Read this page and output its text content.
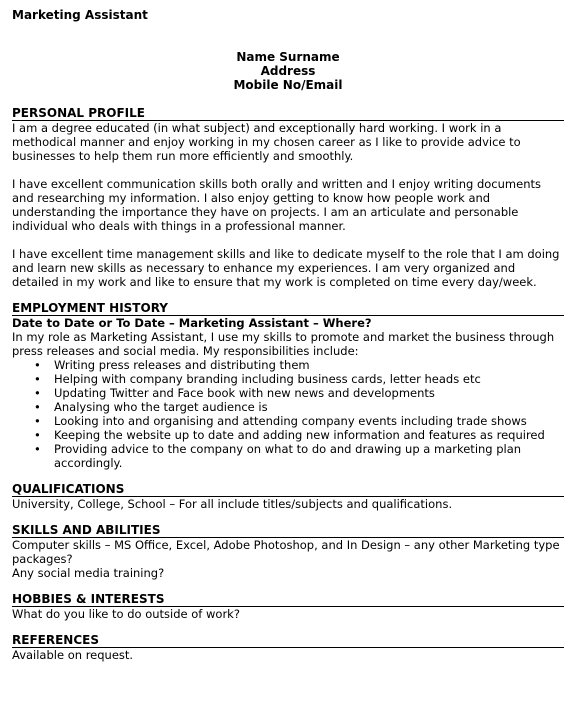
Marketing Assistant
Name Surname
Address
Mobile No/Email
PERSONAL PROFILE

I am a degree educated (in what subject) and exceptionally hard working. I work in a methodical manner and enjoy working in my chosen career as I like to provide advice to businesses to help them run more efficiently and smoothly.

I have excellent communication skills both orally and written and I enjoy writing documents and researching my information. I also enjoy getting to know how people work and understanding the importance they have on projects. I am an articulate and personable individual who deals with things in a professional manner.

I have excellent time management skills and like to dedicate myself to the role that I am doing and learn new skills as necessary to enhance my experiences. I am very organized and detailed in my work and like to ensure that my work is completed on time every day/week.

EMPLOYMENT HISTORY
Date to Date or To Date – Marketing Assistant – Where?

In my role as Marketing Assistant, I use my skills to promote and market the business through press releases and social media. My responsibilities include:

• Writing press releases and distributing them
• Helping with company branding including business cards, letter heads etc
• Updating Twitter and Face book with new news and developments
• Analysing who the target audience is
• Looking into and organising and attending company events including trade shows
• Keeping the website up to date and adding new information and features as required
• Providing advice to the company on what to do and drawing up a marketing plan accordingly.
QUALIFICATIONS

University, College, School – For all include titles/subjects and qualifications.

SKILLS AND ABILITIES

Computer skills – MS Office, Excel, Adobe Photoshop, and In Design – any other Marketing type packages?

Any social media training?

HOBBIES & INTERESTS

What do you like to do outside of work?

REFERENCES

Available on request.
